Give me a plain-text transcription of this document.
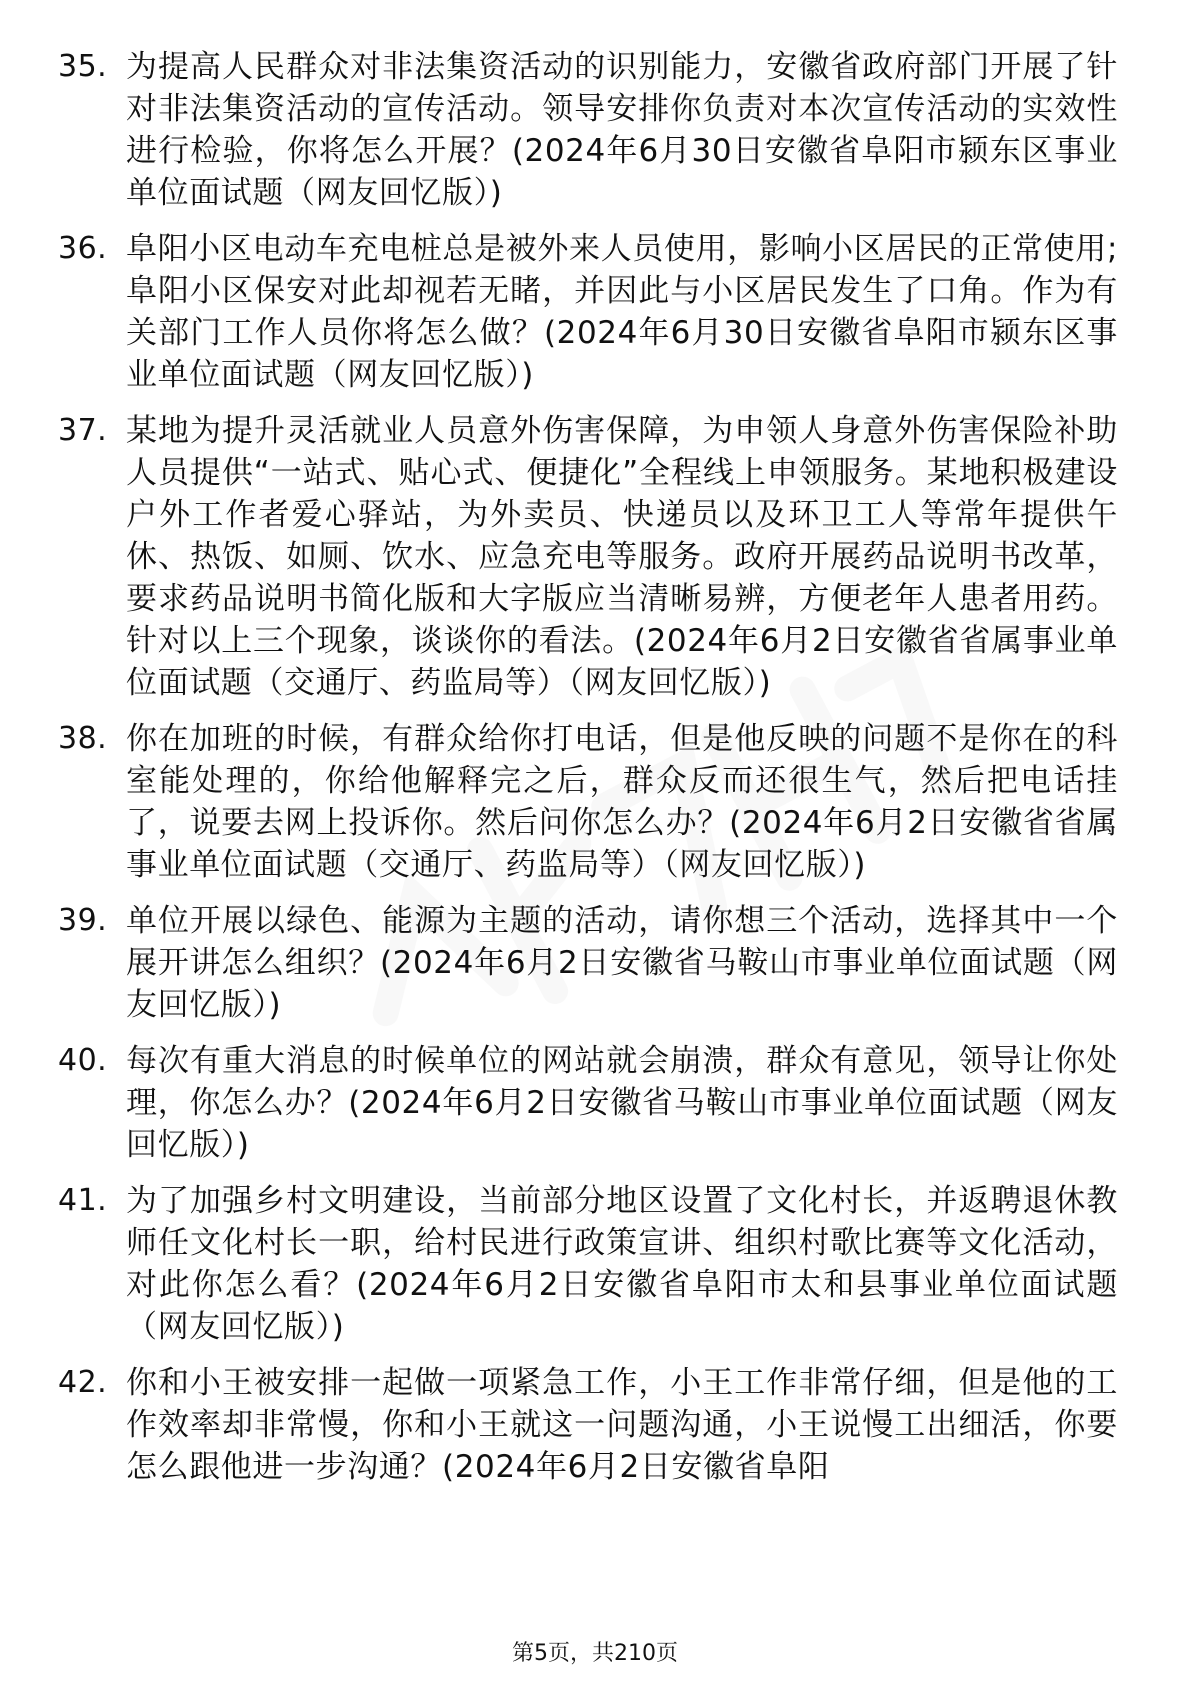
35. 为提高人民群众对非法集资活动的识别能力，安徽省政府部门开展了针对非法集资活动的宣传活动。领导安排你负责对本次宣传活动的实效性进行检验，你将怎么开展？(2024年6月30日安徽省阜阳市颍东区事业单位面试题（网友回忆版）)
36. 阜阳小区电动车充电桩总是被外来人员使用，影响小区居民的正常使用;阜阳小区保安对此却视若无睹，并因此与小区居民发生了口角。作为有关部门工作人员你将怎么做？(2024年6月30日安徽省阜阳市颍东区事业单位面试题（网友回忆版）)
37. 某地为提升灵活就业人员意外伤害保障，为申领人身意外伤害保险补助人员提供“一站式、贴心式、便捷化”全程线上申领服务。某地积极建设户外工作者爱心驿站，为外卖员、快递员以及环卫工人等常年提供午休、热饭、如厕、饮水、应急充电等服务。政府开展药品说明书改革，要求药品说明书简化版和大字版应当清晰易辨，方便老年人患者用药。针对以上三个现象，谈谈你的看法。(2024年6月2日安徽省省属事业单位面试题（交通厅、药监局等）（网友回忆版）)
38. 你在加班的时候，有群众给你打电话，但是他反映的问题不是你在的科室能处理的，你给他解释完之后，群众反而还很生气，然后把电话挂了，说要去网上投诉你。然后问你怎么办？(2024年6月2日安徽省省属事业单位面试题（交通厅、药监局等）（网友回忆版）)
39. 单位开展以绿色、能源为主题的活动，请你想三个活动，选择其中一个展开讲怎么组织？(2024年6月2日安徽省马鞍山市事业单位面试题（网友回忆版）)
40. 每次有重大消息的时候单位的网站就会崩溃，群众有意见，领导让你处理，你怎么办？(2024年6月2日安徽省马鞍山市事业单位面试题（网友回忆版）)
41. 为了加强乡村文明建设，当前部分地区设置了文化村长，并返聘退休教师任文化村长一职，给村民进行政策宣讲、组织村歌比赛等文化活动，对此你怎么看？(2024年6月2日安徽省阜阳市太和县事业单位面试题（网友回忆版）)
42. 你和小王被安排一起做一项紧急工作，小王工作非常仔细，但是他的工作效率却非常慢，你和小王就这一问题沟通，小王说慢工出细活，你要怎么跟他进一步沟通？(2024年6月2日安徽省阜阳
第5页，共210页
